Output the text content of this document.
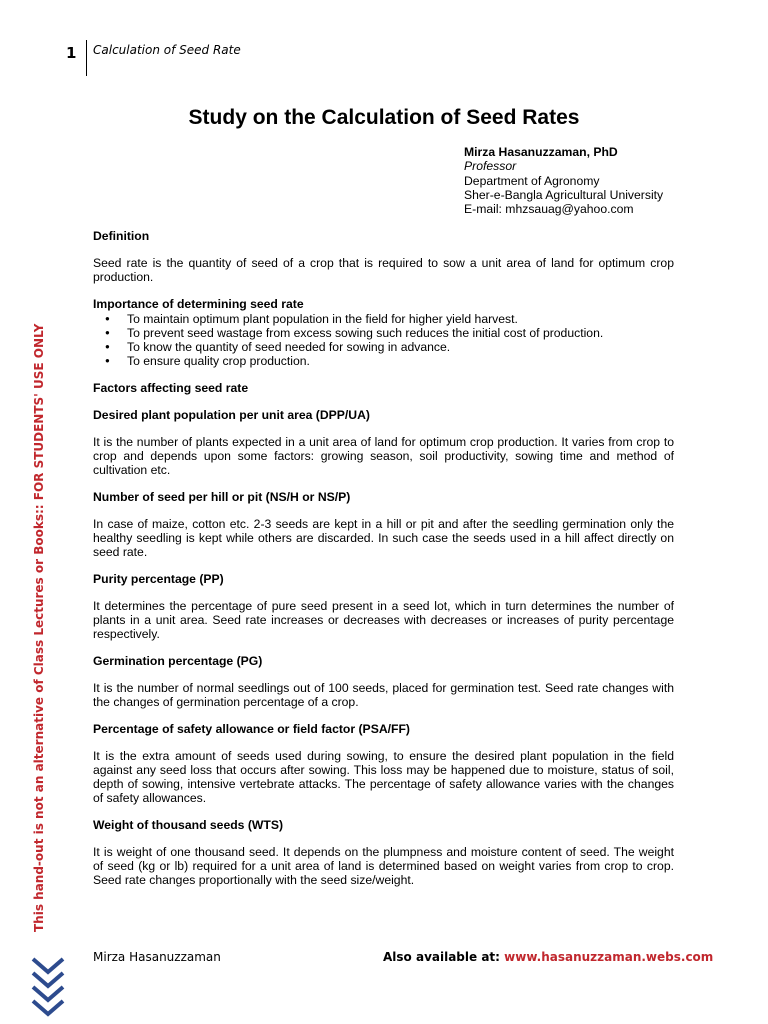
1	Calculation of Seed Rate
Study on the Calculation of Seed Rates
Mirza Hasanuzzaman, PhD
Professor
Department of Agronomy
Sher-e-Bangla Agricultural University
E-mail: mhzsauag@yahoo.com
Definition

Seed rate is the quantity of seed of a crop that is required to sow a unit area of land for optimum crop production.

Importance of determining seed rate
● To maintain optimum plant population in the field for higher yield harvest.
● To prevent seed wastage from excess sowing such reduces the initial cost of production.
● To know the quantity of seed needed for sowing in advance.
● To ensure quality crop production.
Factors affecting seed rate
Desired plant population per unit area (DPP/UA)

It is the number of plants expected in a unit area of land for optimum crop production. It varies from crop to crop and depends upon some factors: growing season, soil productivity, sowing time and method of cultivation etc.

Number of seed per hill or pit (NS/H or NS/P)

In case of maize, cotton etc. 2-3 seeds are kept in a hill or pit and after the seedling germination only the healthy seedling is kept while others are discarded. In such case the seeds used in a hill affect directly on seed rate.

Purity percentage (PP)

It determines the percentage of pure seed present in a seed lot, which in turn determines the number of plants in a unit area. Seed rate increases or decreases with decreases or increases of purity percentage respectively.

Germination percentage (PG)

It is the number of normal seedlings out of 100 seeds, placed for germination test. Seed rate changes with the changes of germination percentage of a crop.

Percentage of safety allowance or field factor (PSA/FF)

It is the extra amount of seeds used during sowing, to ensure the desired plant population in the field against any seed loss that occurs after sowing. This loss may be happened due to moisture, status of soil, depth of sowing, intensive vertebrate attacks. The percentage of safety allowance varies with the changes of safety allowances.

Weight of thousand seeds (WTS)

It is weight of one thousand seed. It depends on the plumpness and moisture content of seed. The weight of seed (kg or lb) required for a unit area of land is determined based on weight varies from crop to crop. Seed rate changes proportionally with the seed size/weight.

This hand-out is not an alternative of Class Lectures or Books:: FOR STUDENTS' USE ONLY
Mirza Hasanuzzaman	Also available at: www.hasanuzzaman.webs.com
